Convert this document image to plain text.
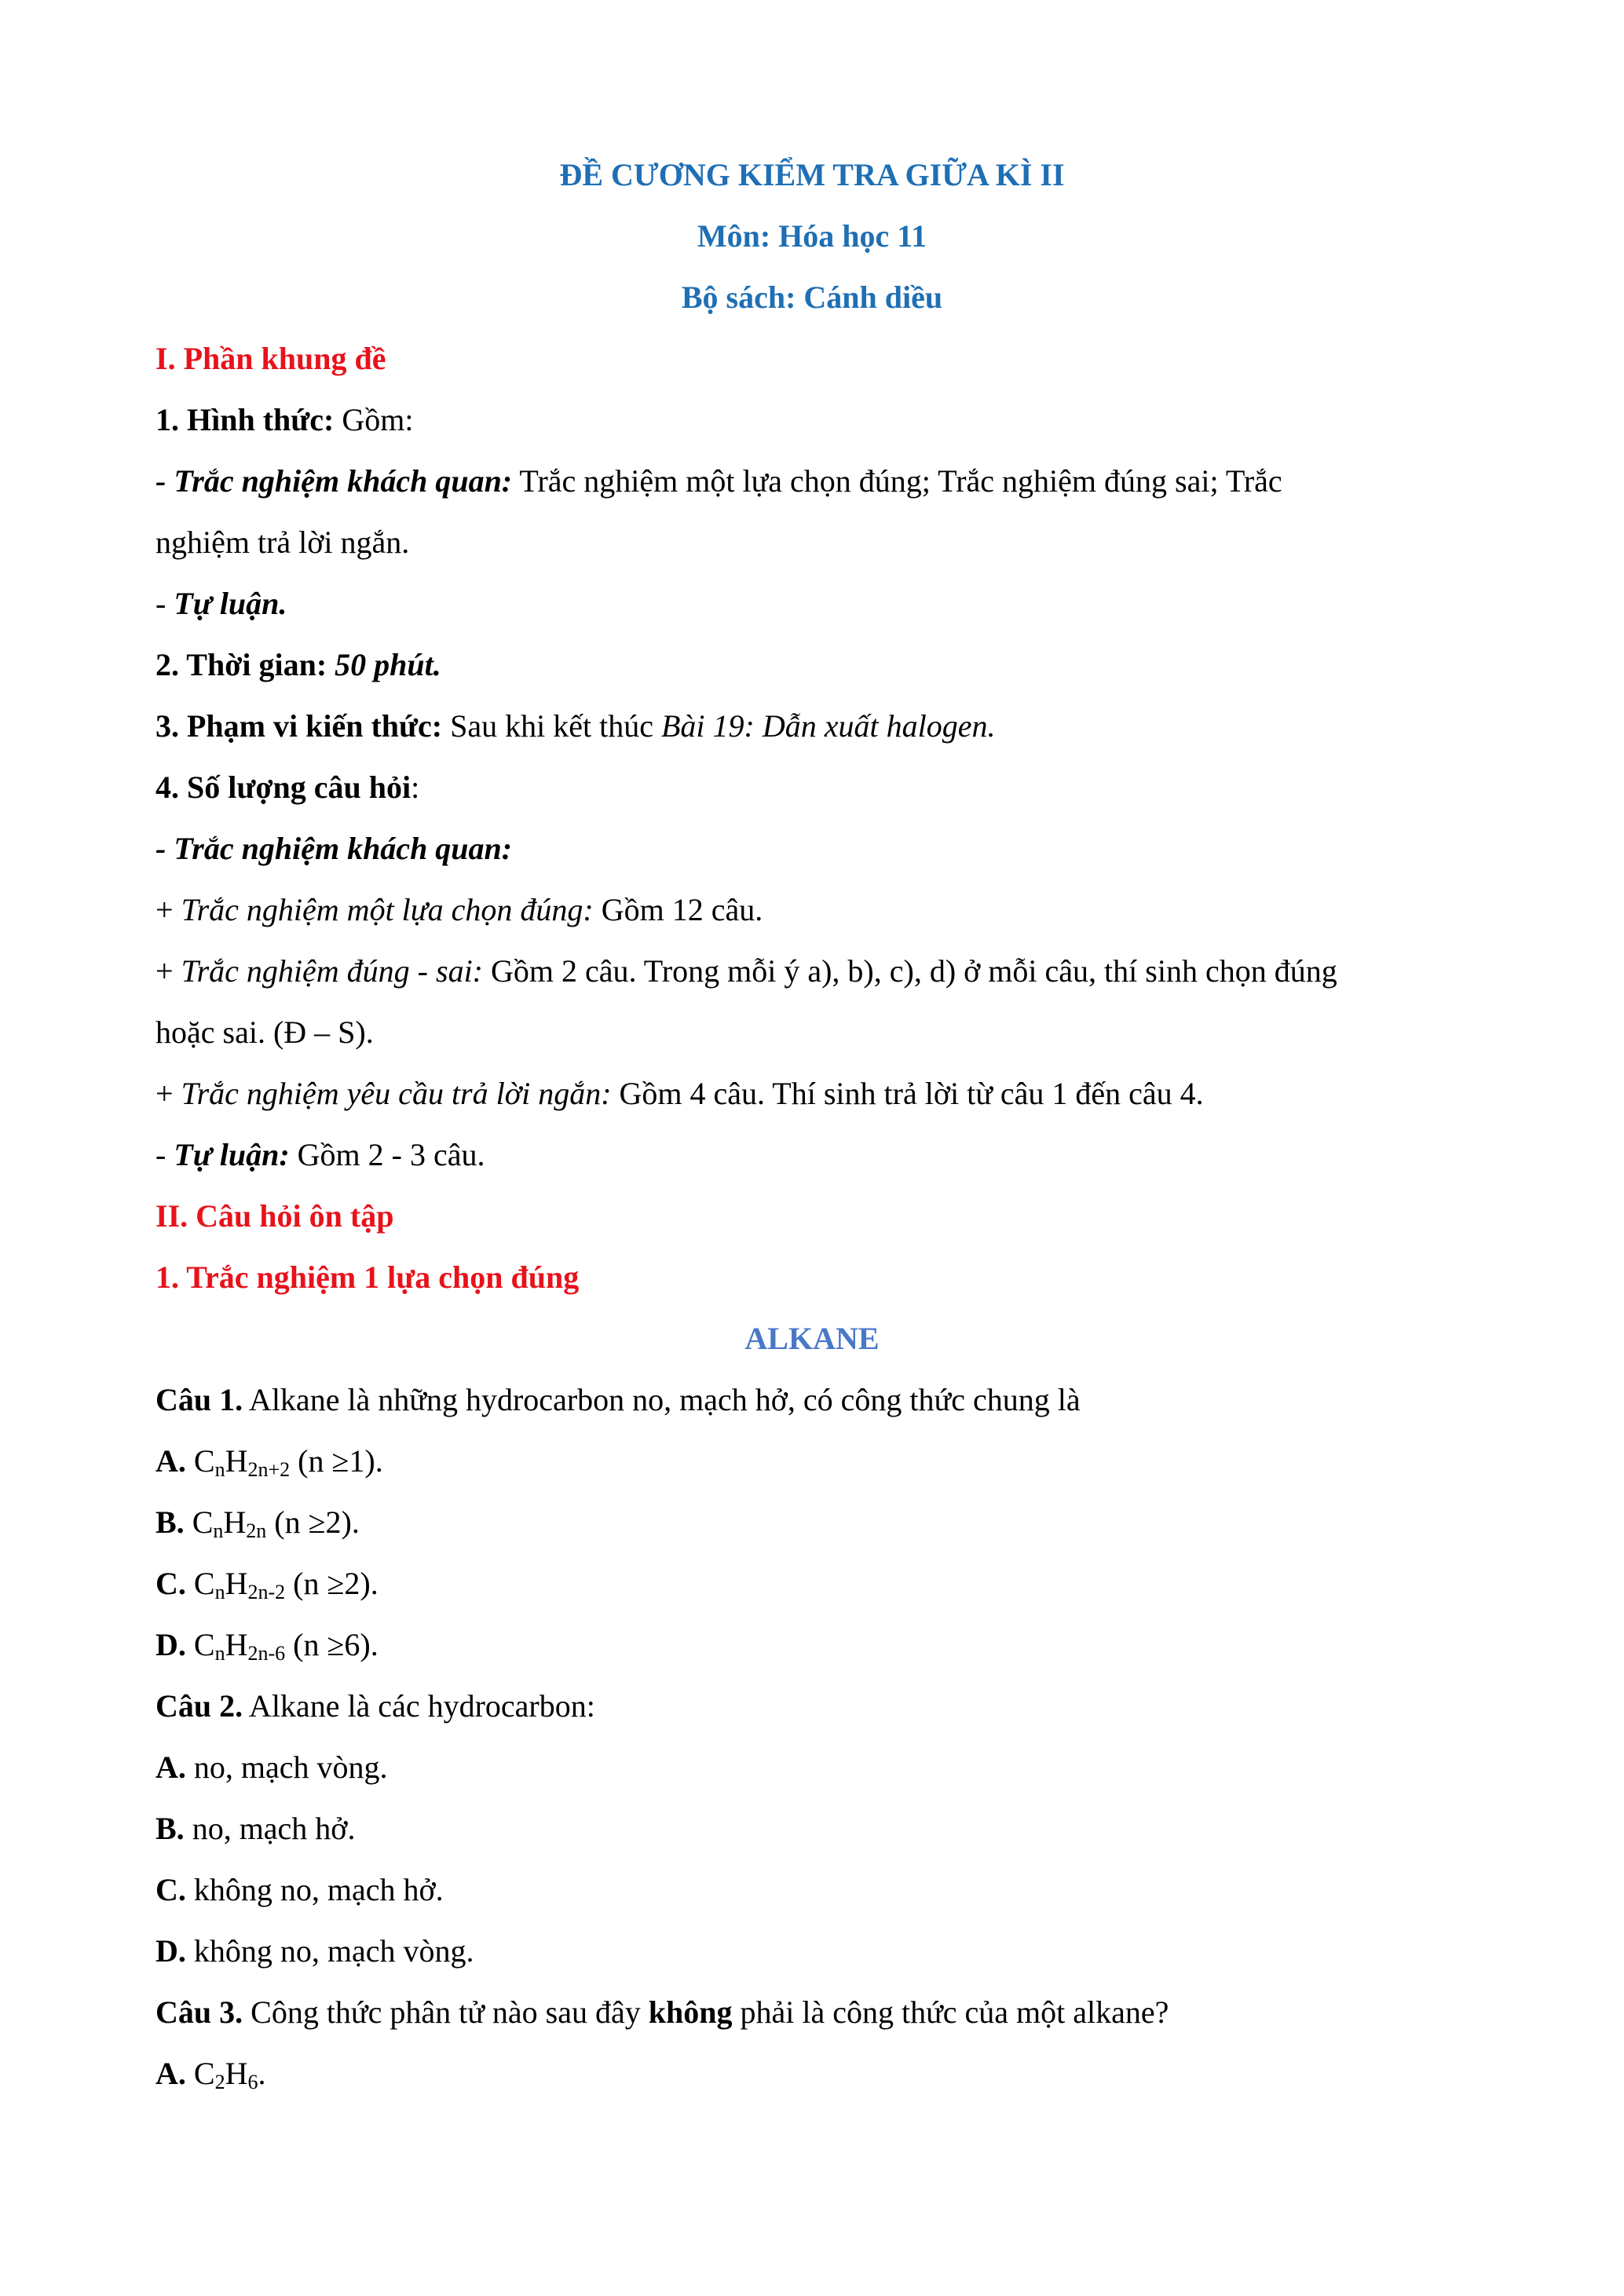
ĐỀ CƯƠNG KIỂM TRA GIỮA KÌ II
Môn: Hóa học 11
Bộ sách: Cánh diều
I. Phần khung đề
1. Hình thức: Gồm:
- Trắc nghiệm khách quan: Trắc nghiệm một lựa chọn đúng; Trắc nghiệm đúng sai; Trắc
nghiệm trả lời ngắn.
- Tự luận.
2. Thời gian: 50 phút.
3. Phạm vi kiến thức: Sau khi kết thúc Bài 19: Dẫn xuất halogen.
4. Số lượng câu hỏi:
- Trắc nghiệm khách quan:
+ Trắc nghiệm một lựa chọn đúng: Gồm 12 câu.
+ Trắc nghiệm đúng - sai: Gồm 2 câu. Trong mỗi ý a), b), c), d) ở mỗi câu, thí sinh chọn đúng
hoặc sai. (Đ – S).
+ Trắc nghiệm yêu cầu trả lời ngắn: Gồm 4 câu. Thí sinh trả lời từ câu 1 đến câu 4.
- Tự luận: Gồm 2 - 3 câu.
II. Câu hỏi ôn tập
1. Trắc nghiệm 1 lựa chọn đúng
ALKANE
Câu 1. Alkane là những hydrocarbon no, mạch hở, có công thức chung là
A. $C_nH_{2n+2}$ (n ≥1).
B. $C_nH_{2n}$ (n ≥2).
C. $C_nH_{2n-2}$ (n ≥2).
D. $C_nH_{2n-6}$ (n ≥6).
Câu 2. Alkane là các hydrocarbon:
A. no, mạch vòng.
B. no, mạch hở.
C. không no, mạch hở.
D. không no, mạch vòng.
Câu 3. Công thức phân tử nào sau đây không phải là công thức của một alkane?
A. $C_2H_6$.
